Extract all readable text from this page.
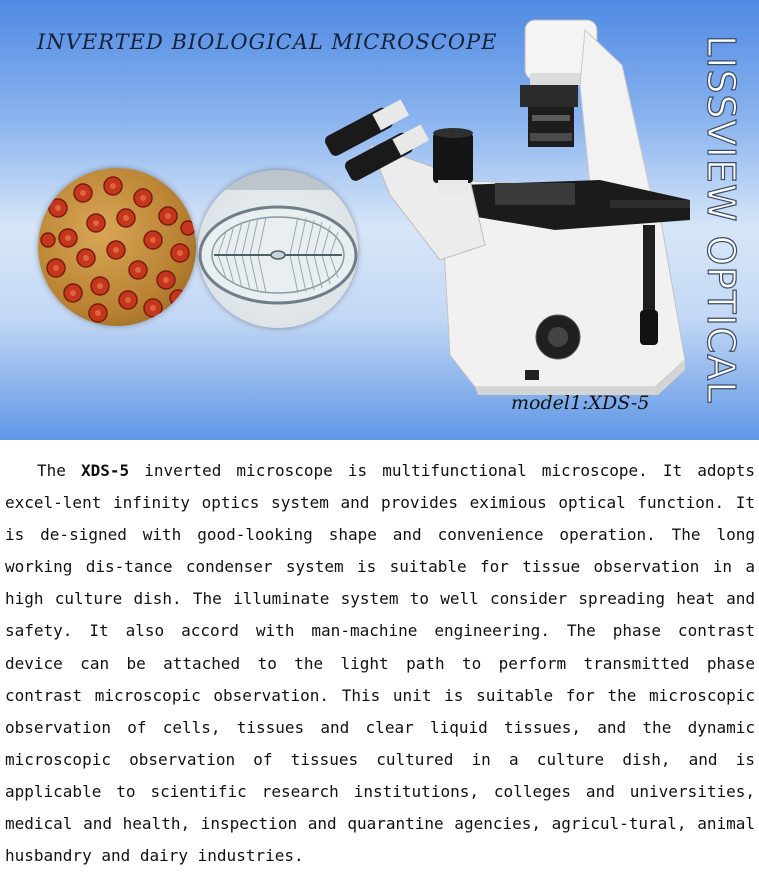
INVERTED BIOLOGICAL MICROSCOPE	LISSVIEW OPTICAL
model1:XDS-5

The XDS-5 inverted microscope is multifunctional microscope. It adopts excel-lent infinity optics system and provides eximious optical function. It is de-signed with good-looking shape and convenience operation. The long working dis-tance condenser system is suitable for tissue observation in a high culture dish. The illuminate system to well consider spreading heat and safety. It also accord with man-machine engineering. The phase contrast device can be attached to the light path to perform transmitted phase contrast microscopic observation. This unit is suitable for the microscopic observation of cells, tissues and clear liquid tissues, and the dynamic microscopic observation of tissues cultured in a culture dish, and is applicable to scientific research institutions, colleges and universities, medical and health, inspection and quarantine agencies, agricul-tural, animal husbandry and dairy industries.
